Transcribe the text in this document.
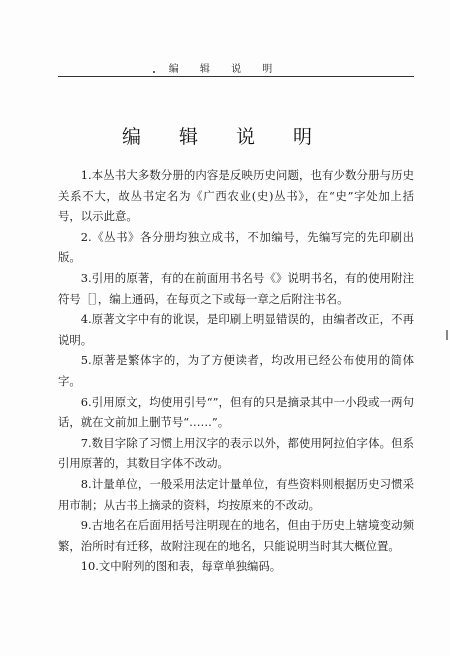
编 辑 说 明
编 辑 说 明

1.本丛书大多数分册的内容是反映历史问题，也有少数分册与历史关系不大，故丛书定名为《广西农业(史)丛书》，在“史”字处加上括号，以示此意。

2.《丛书》各分册均独立成书，不加编号，先编写完的先印刷出版。

3.引用的原著，有的在前面用书名号《》说明书名，有的使用附注符号［］，编上通码，在每页之下或每一章之后附注书名。

4.原著文字中有的讹误，是印刷上明显错误的，由编者改正，不再说明。

5.原著是繁体字的，为了方便读者，均改用已经公布使用的简体字。

6.引用原文，均使用引号“”，但有的只是摘录其中一小段或一两句话，就在文前加上删节号“……”。

7.数目字除了习惯上用汉字的表示以外，都使用阿拉伯字体。但系引用原著的，其数目字体不改动。

8.计量单位，一般采用法定计量单位，有些资料则根据历史习惯采用市制；从古书上摘录的资料，均按原来的不改动。

9.古地名在后面用括号注明现在的地名，但由于历史上辖境变动频繁，治所时有迁移，故附注现在的地名，只能说明当时其大概位置。

10.文中附列的图和表，每章单独编码。
